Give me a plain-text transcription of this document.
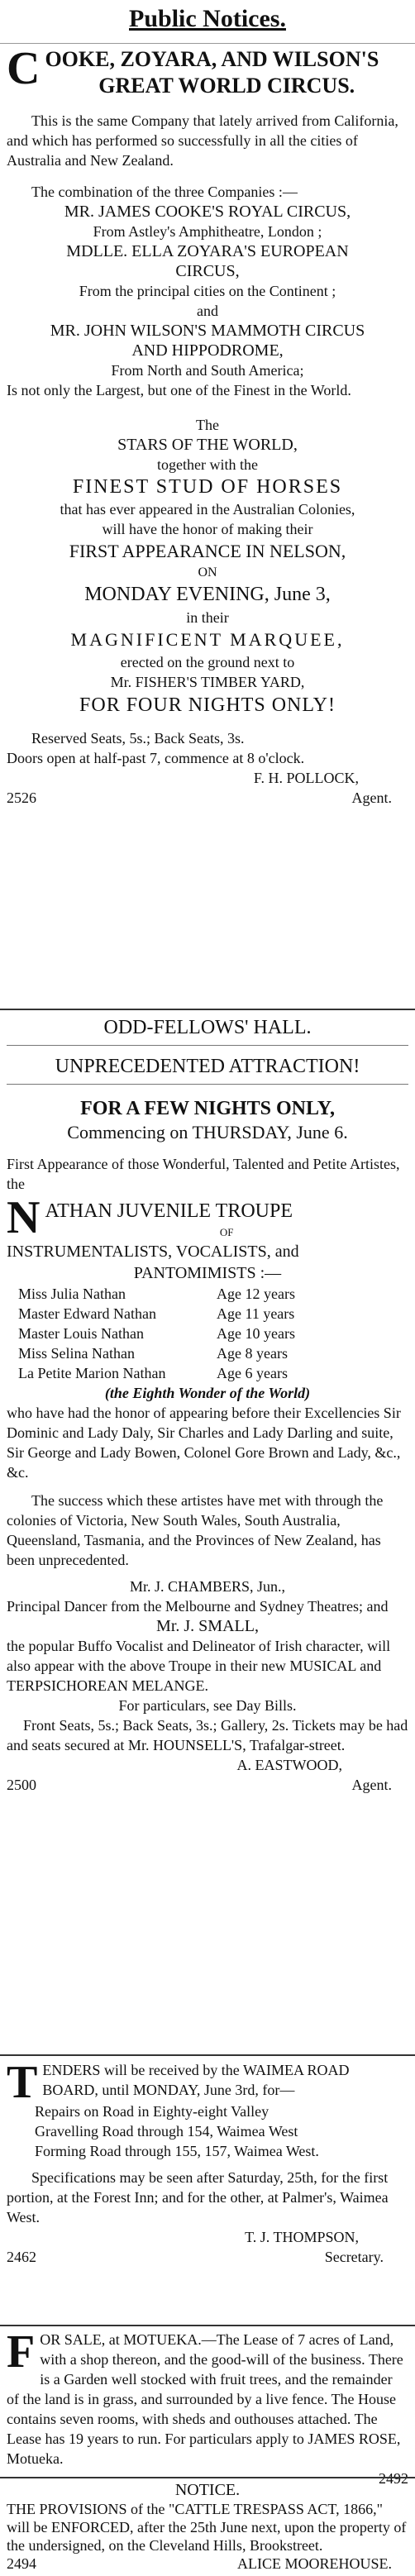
Public Notices.
C OOKE, ZOYARA, AND WILSON'S
GREAT WORLD CIRCUS.
This is the same Company that lately arrived from California, and which has performed so successfully in all the cities of Australia and New Zealand.
The combination of the three Companies :—
MR. JAMES COOKE'S ROYAL CIRCUS,
From Astley's Amphitheatre, London ;
MDLLE. ELLA ZOYARA'S EUROPEAN
CIRCUS,
From the principal cities on the Continent ;
and
MR. JOHN WILSON'S MAMMOTH CIRCUS
AND HIPPODROME,
From North and South America;
Is not only the Largest, but one of the Finest in the World.
The
STARS OF THE WORLD,
together with the
FINEST STUD OF HORSES
that has ever appeared in the Australian Colonies,
will have the honor of making their
FIRST APPEARANCE IN NELSON,
ON
MONDAY EVENING, June 3,
in their
MAGNIFICENT MARQUEE,
erected on the ground next to
Mr. FISHER'S TIMBER YARD,
FOR FOUR NIGHTS ONLY!
Reserved Seats, 5s.; Back Seats, 3s.
Doors open at half-past 7, commence at 8 o'clock.
F. H. POLLOCK,
2526	Agent.
ODD-FELLOWS' HALL.
UNPRECEDENTED ATTRACTION!
FOR A FEW NIGHTS ONLY,
Commencing on THURSDAY, June 6.
First Appearance of those Wonderful, Talented and Petite Artistes, the
N ATHAN JUVENILE TROUPE
OF
INSTRUMENTALISTS, VOCALISTS, and
PANTOMIMISTS :—
Miss Julia Nathan	Age 12 years
Master Edward Nathan	Age 11 years
Master Louis Nathan	Age 10 years
Miss Selina Nathan	Age 8 years
La Petite Marion Nathan	Age 6 years
(the Eighth Wonder of the World)
who have had the honor of appearing before their Excellencies Sir Dominic and Lady Daly, Sir Charles and Lady Darling and suite, Sir George and Lady Bowen, Colonel Gore Brown and Lady, &c., &c.
The success which these artistes have met with through the colonies of Victoria, New South Wales, South Australia, Queensland, Tasmania, and the Provinces of New Zealand, has been unprecedented.
Mr. J. CHAMBERS, Jun.,
Principal Dancer from the Melbourne and Sydney Theatres; and
Mr. J. SMALL,
the popular Buffo Vocalist and Delineator of Irish character, will also appear with the above Troupe in their new MUSICAL and TERPSICHOREAN MELANGE.
For particulars, see Day Bills.
Front Seats, 5s.; Back Seats, 3s.; Gallery, 2s. Tickets may be had and seats secured at Mr. HOUNSELL'S, Trafalgar-street.
A. EASTWOOD,
2500	Agent.
T ENDERS will be received by the WAIMEA ROAD BOARD, until MONDAY, June 3rd, for—
Repairs on Road in Eighty-eight Valley
Gravelling Road through 154, Waimea West
Forming Road through 155, 157, Waimea West.
Specifications may be seen after Saturday, 25th, for the first portion, at the Forest Inn; and for the other, at Palmer's, Waimea West.
T. J. THOMPSON,
2462	Secretary.
F OR SALE, at MOTUEKA.—The Lease of 7 acres of Land, with a shop thereon, and the good-will of the business. There is a Garden well stocked with fruit trees, and the remainder of the land is in grass, and surrounded by a live fence. The House contains seven rooms, with sheds and outhouses attached. The Lease has 19 years to run. For particulars apply to JAMES ROSE, Motueka.
2492
NOTICE.
THE PROVISIONS of the "CATTLE TRESPASS ACT, 1866," will be ENFORCED, after the 25th June next, upon the property of the undersigned, on the Cleveland Hills, Brookstreet.
2494	ALICE MOOREHOUSE.
